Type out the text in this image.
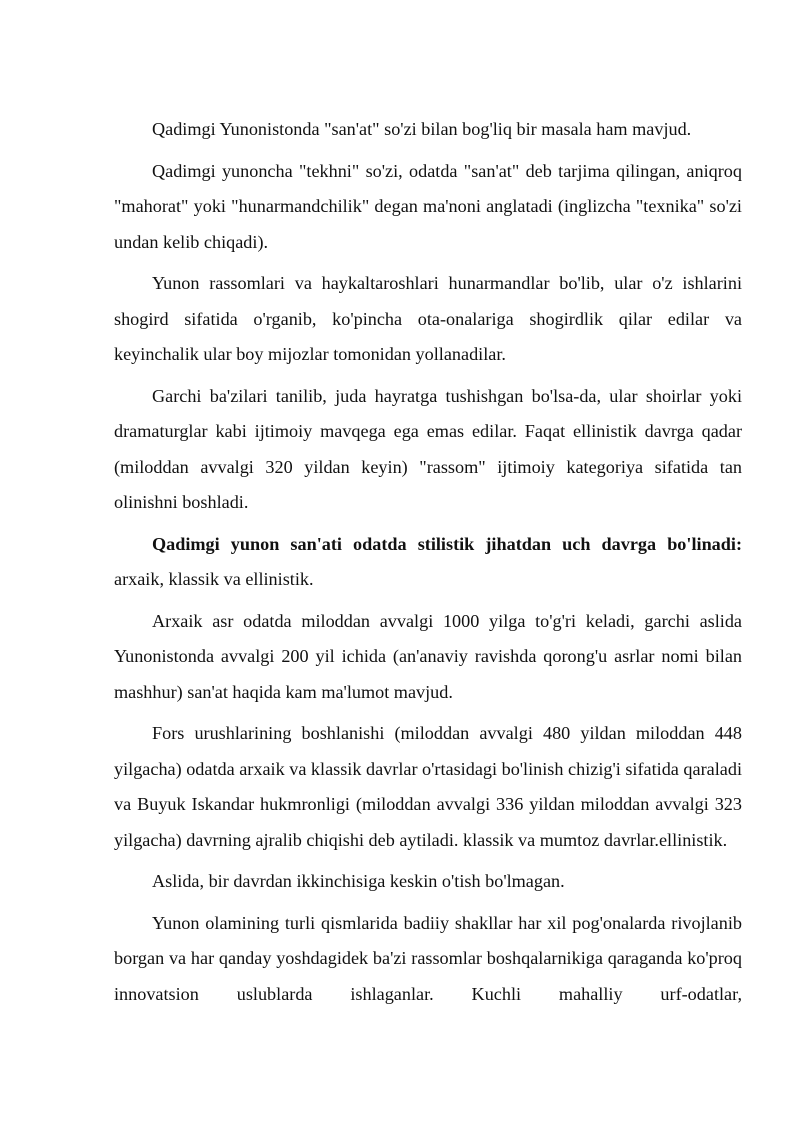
Qadimgi Yunonistonda "san'at" so'zi bilan bog'liq bir masala ham mavjud.

Qadimgi yunoncha "tekhni" so'zi, odatda "san'at" deb tarjima qilingan, aniqroq "mahorat" yoki "hunarmandchilik" degan ma'noni anglatadi (inglizcha "texnika" so'zi undan kelib chiqadi).

Yunon rassomlari va haykaltaroshlari hunarmandlar bo'lib, ular o'z ishlarini shogird sifatida o'rganib, ko'pincha ota-onalariga shogirdlik qilar edilar va keyinchalik ular boy mijozlar tomonidan yollanadilar.

Garchi ba'zilari tanilib, juda hayratga tushishgan bo'lsa-da, ular shoirlar yoki dramaturglar kabi ijtimoiy mavqega ega emas edilar. Faqat ellinistik davrga qadar (miloddan avvalgi 320 yildan keyin) "rassom" ijtimoiy kategoriya sifatida tan olinishni boshladi.

Qadimgi yunon san'ati odatda stilistik jihatdan uch davrga bo'linadi: arxaik, klassik va ellinistik.

Arxaik asr odatda miloddan avvalgi 1000 yilga to'g'ri keladi, garchi aslida Yunonistonda avvalgi 200 yil ichida (an'anaviy ravishda qorong'u asrlar nomi bilan mashhur) san'at haqida kam ma'lumot mavjud.

Fors urushlarining boshlanishi (miloddan avvalgi 480 yildan miloddan 448 yilgacha) odatda arxaik va klassik davrlar o'rtasidagi bo'linish chizig'i sifatida qaraladi va Buyuk Iskandar hukmronligi (miloddan avvalgi 336 yildan miloddan avvalgi 323 yilgacha) davrning ajralib chiqishi deb aytiladi. klassik va mumtoz davrlar.ellinistik.

Aslida, bir davrdan ikkinchisiga keskin o'tish bo'lmagan.

Yunon olamining turli qismlarida badiiy shakllar har xil pog'onalarda rivojlanib borgan va har qanday yoshdagidek ba'zi rassomlar boshqalarnikiga qaraganda ko'proq innovatsion uslublarda ishlaganlar. Kuchli mahalliy urf-odatlar,
